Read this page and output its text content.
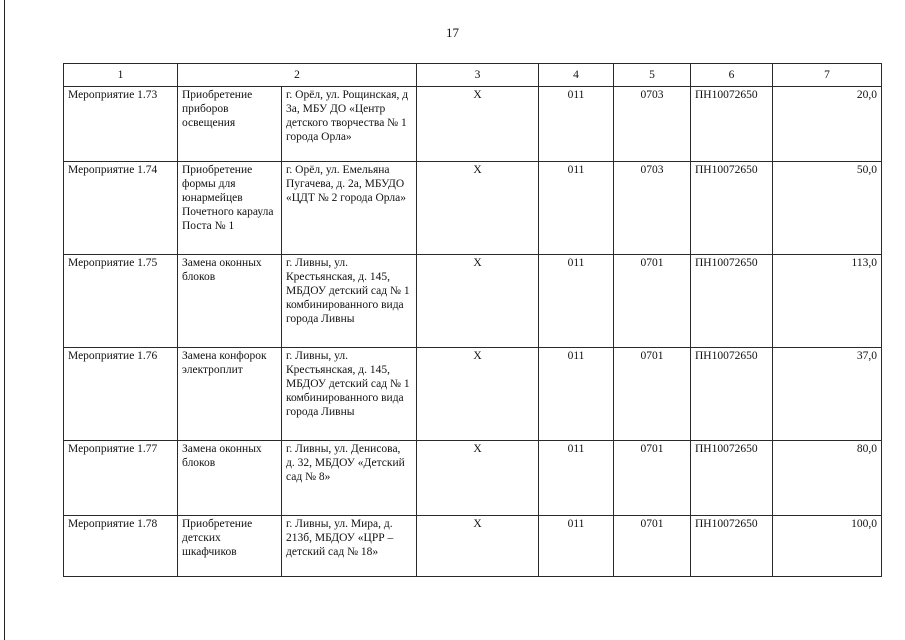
17
1	2		3	4	5	6	7
Мероприятие 1.73	Приобретение приборов освещения	г. Орёл, ул. Рощинская, д 3а, МБУ ДО «Центр детского творчества № 1 города Орла»	Х	011	0703	ПН10072650	20,0
Мероприятие 1.74	Приобретение формы для юнармейцев Почетного караула Поста № 1	г. Орёл, ул. Емельяна Пугачева, д. 2а, МБУДО «ЦДТ № 2 города Орла»	Х	011	0703	ПН10072650	50,0
Мероприятие 1.75	Замена оконных блоков	г. Ливны, ул. Крестьянская, д. 145, МБДОУ детский сад № 1 комбинированного вида города Ливны	Х	011	0701	ПН10072650	113,0
Мероприятие 1.76	Замена конфорок электроплит	г. Ливны, ул. Крестьянская, д. 145, МБДОУ детский сад № 1 комбинированного вида города Ливны	Х	011	0701	ПН10072650	37,0
Мероприятие 1.77	Замена оконных блоков	г. Ливны, ул. Денисова, д. 32, МБДОУ «Детский сад № 8»	Х	011	0701	ПН10072650	80,0
Мероприятие 1.78	Приобретение детских шкафчиков	г. Ливны, ул. Мира, д. 213б, МБДОУ «ЦРР – детский сад № 18»	Х	011	0701	ПН10072650	100,0
